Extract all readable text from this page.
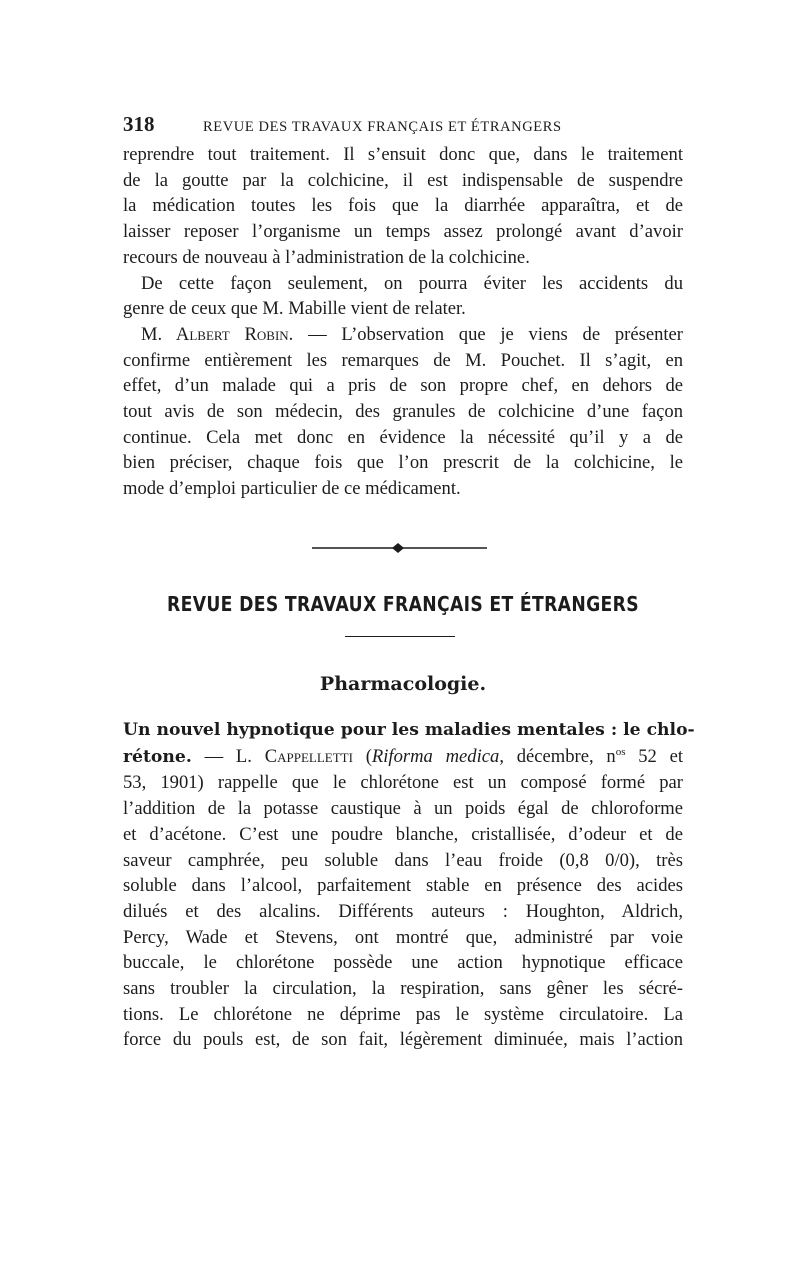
318	REVUE DES TRAVAUX FRANÇAIS ET ÉTRANGERS

reprendre tout traitement. Il s’ensuit donc que, dans le traitement
de la goutte par la colchicine, il est indispensable de suspendre
la médication toutes les fois que la diarrhée apparaîtra, et de
laisser reposer l’organisme un temps assez prolongé avant d’avoir
recours de nouveau à l’administration de la colchicine.

De cette façon seulement, on pourra éviter les accidents du
genre de ceux que M. Mabille vient de relater.

M. Albert Robin. — L’observation que je viens de présenter
confirme entièrement les remarques de M. Pouchet. Il s’agit, en
effet, d’un malade qui a pris de son propre chef, en dehors de
tout avis de son médecin, des granules de colchicine d’une façon
continue. Cela met donc en évidence la nécessité qu’il y a de
bien préciser, chaque fois que l’on prescrit de la colchicine, le
mode d’emploi particulier de ce médicament.

REVUE DES TRAVAUX FRANÇAIS ET ÉTRANGERS
Pharmacologie.

Un nouvel hypnotique pour les maladies mentales : le chlo-
rétone. — L. Cappelletti (Riforma medica, décembre, $n^{os}$ 52 et
53, 1901) rappelle que le chlorétone est un composé formé par
l’addition de la potasse caustique à un poids égal de chloroforme
et d’acétone. C’est une poudre blanche, cristallisée, d’odeur et de
saveur camphrée, peu soluble dans l’eau froide (0,8 0/0), très
soluble dans l’alcool, parfaitement stable en présence des acides
dilués et des alcalins. Différents auteurs : Houghton, Aldrich,
Percy, Wade et Stevens, ont montré que, administré par voie
buccale, le chlorétone possède une action hypnotique efficace
sans troubler la circulation, la respiration, sans gêner les sécré-
tions. Le chlorétone ne déprime pas le système circulatoire. La
force du pouls est, de son fait, légèrement diminuée, mais l’action
